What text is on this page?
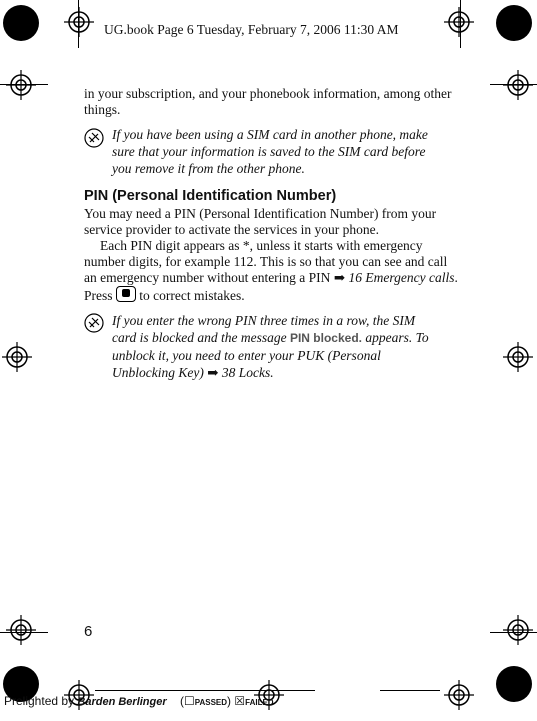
UG.book Page 6 Tuesday, February 7, 2006 11:30 AM
in your subscription, and your phonebook information, among other things.
If you have been using a SIM card in another phone, make sure that your information is saved to the SIM card before you remove it from the other phone.
PIN (Personal Identification Number)
You may need a PIN (Personal Identification Number) from your service provider to activate the services in your phone.
Each PIN digit appears as *, unless it starts with emergency number digits, for example 112. This is so that you can see and call an emergency number without entering a PIN ➡ 16 Emergency calls. Press  to correct mistakes.
If you enter the wrong PIN three times in a row, the SIM card is blocked and the message PIN blocked. appears. To unblock it, you need to enter your PUK (Personal Unblocking Key) ➡ 38 Locks.
6
Prelighted by Barden Berlinger    (☐PASSED) ☒FAILED
